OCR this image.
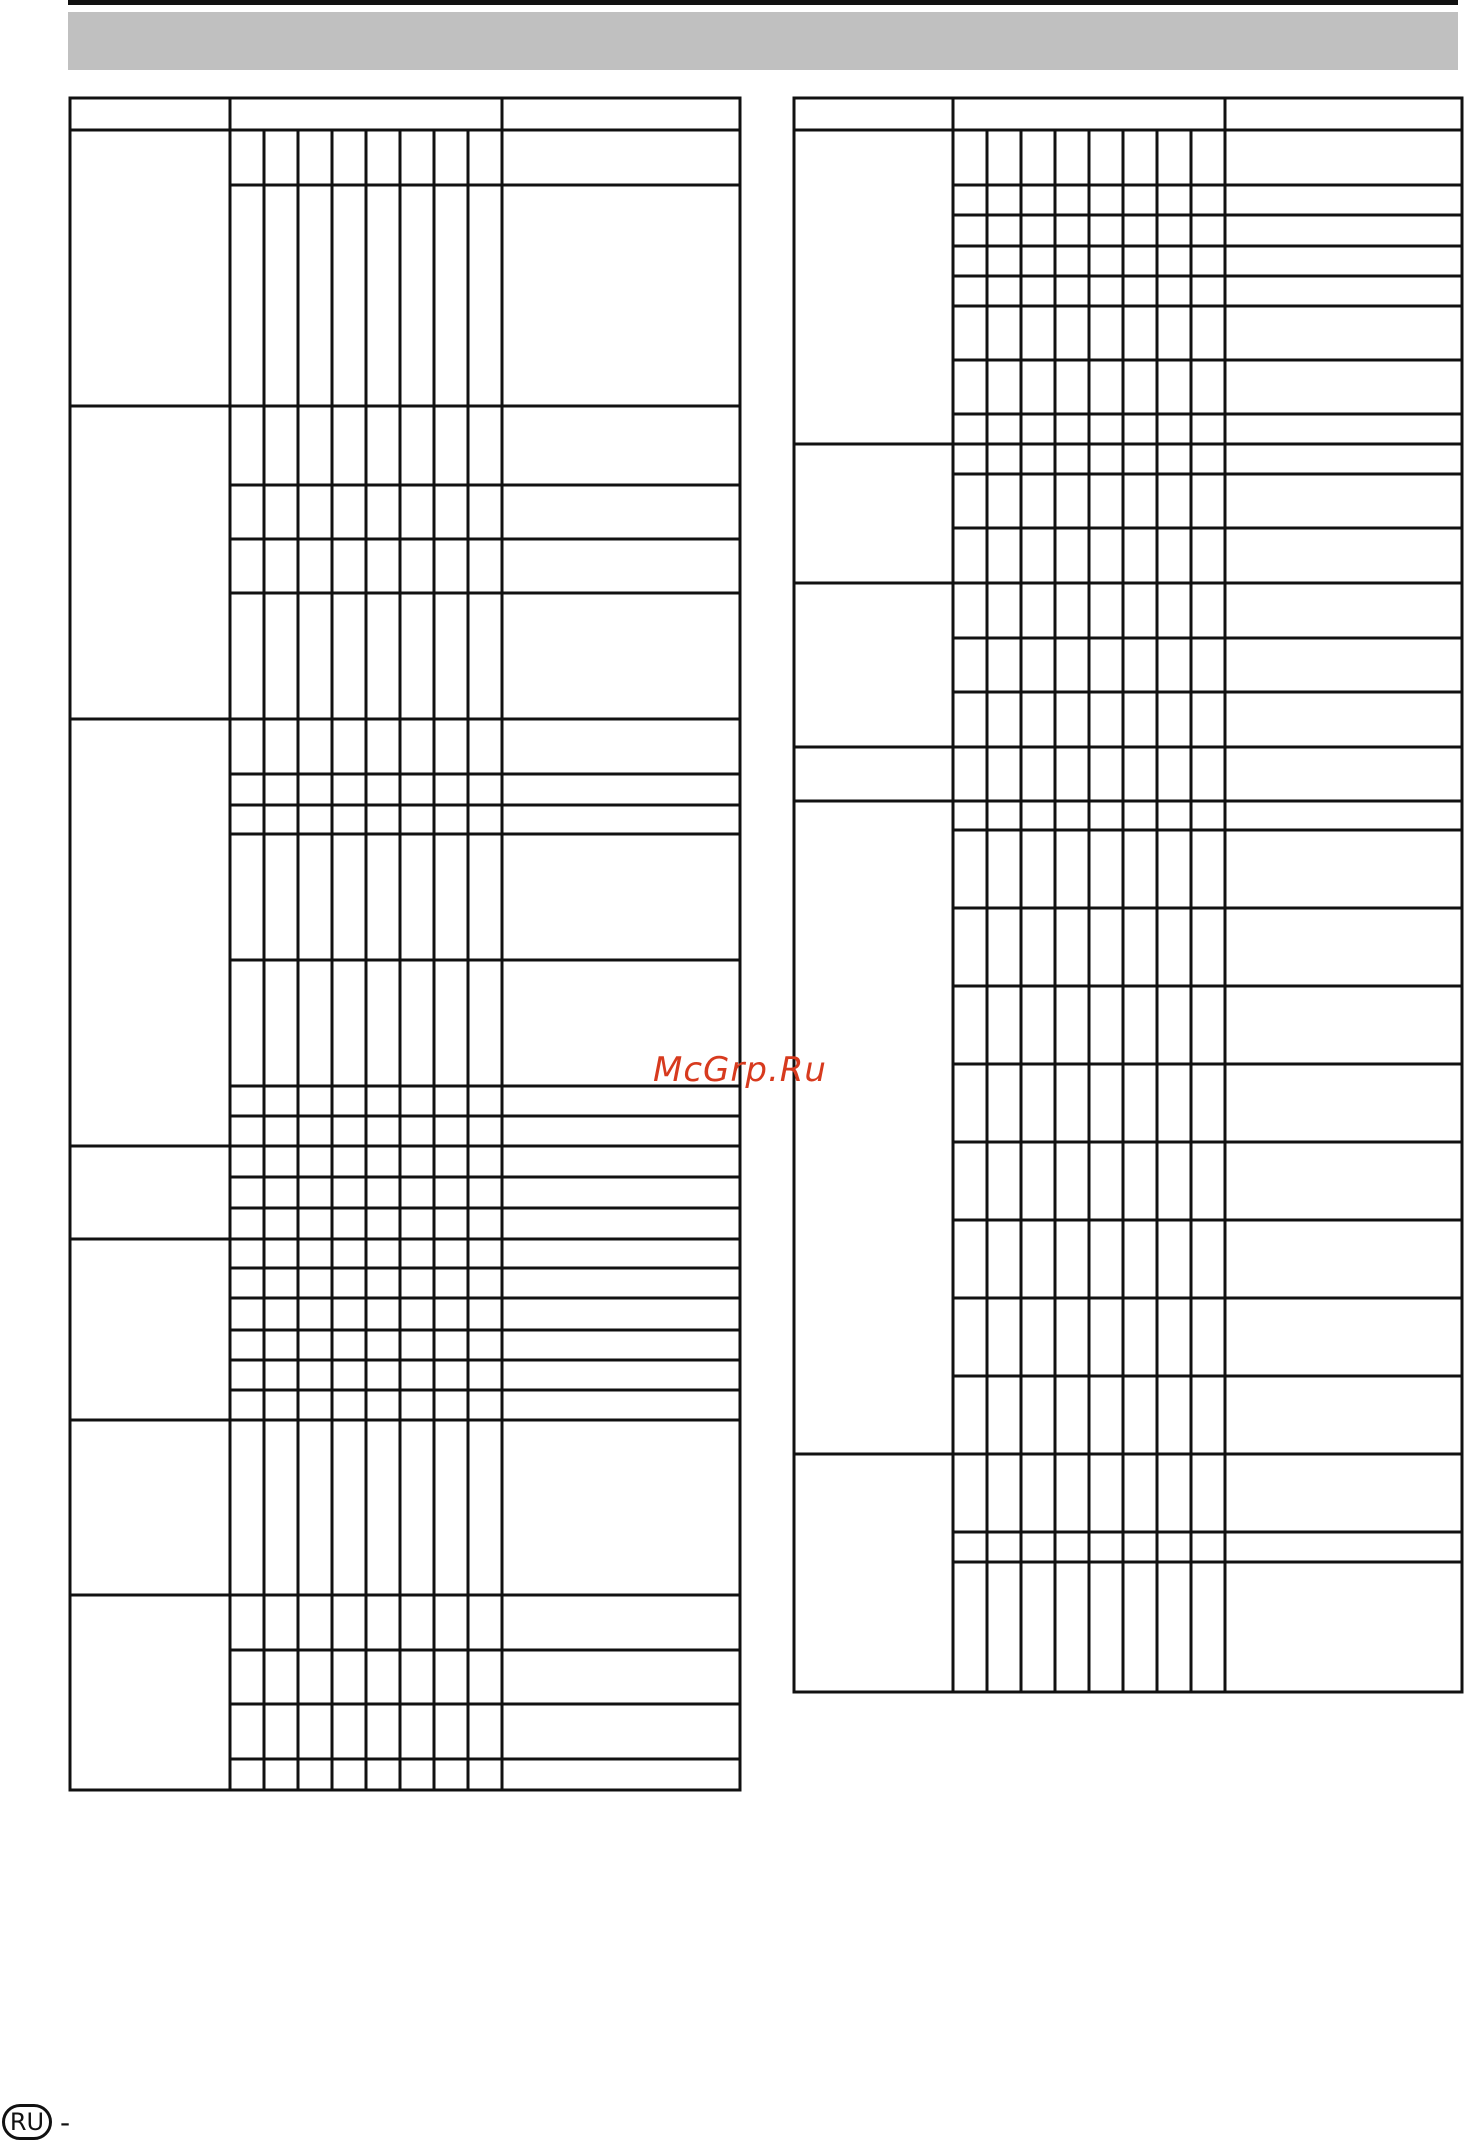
McGrp.Ru
RU -
